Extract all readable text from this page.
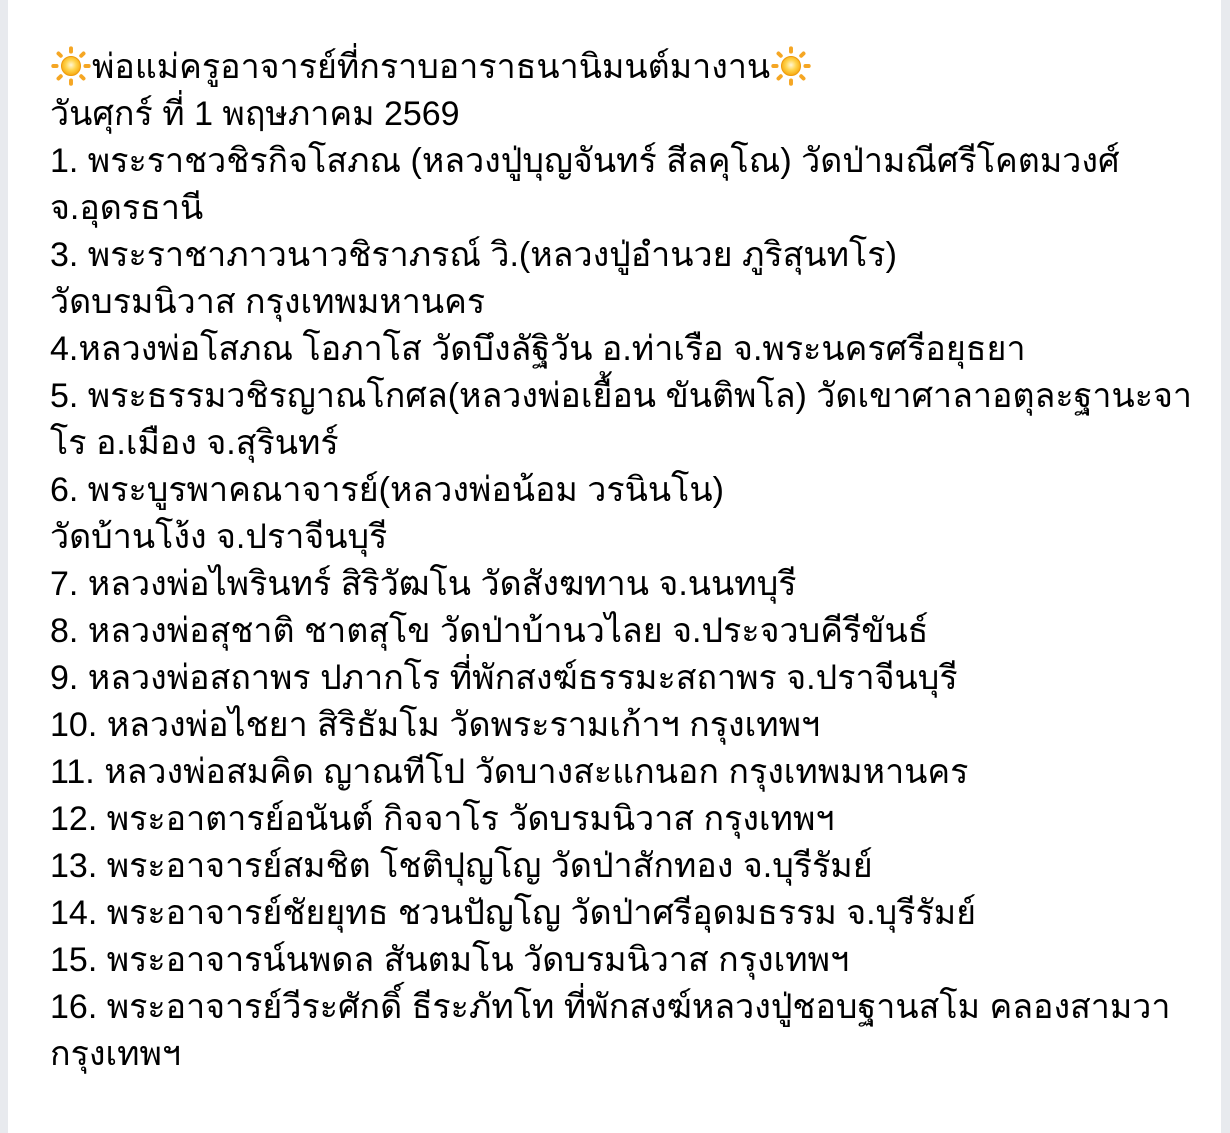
พ่อแม่ครูอาจารย์ที่กราบอาราธนานิมนต์มางาน
วันศุกร์ ที่ 1 พฤษภาคม 2569
1. พระราชวชิรกิจโสภณ (หลวงปู่บุญจันทร์ สีลคุโณ) วัดป่ามณีศรีโคตมวงศ์
จ.อุดรธานี
3. พระราชาภาวนาวชิราภรณ์ วิ.(หลวงปู่อำนวย ภูริสุนทโร)
วัดบรมนิวาส กรุงเทพมหานคร
4.หลวงพ่อโสภณ โอภาโส วัดบึงลัฐิวัน อ.ท่าเรือ จ.พระนครศรีอยุธยา
5. พระธรรมวชิรญาณโกศล(หลวงพ่อเยื้อน ขันติพโล) วัดเขาศาลาอตุละฐานะจา
โร อ.เมือง จ.สุรินทร์
6. พระบูรพาคณาจารย์(หลวงพ่อน้อม วรนินโน)
วัดบ้านโง้ง จ.ปราจีนบุรี
7. หลวงพ่อไพรินทร์ สิริวัฒโน วัดสังฆทาน จ.นนทบุรี
8. หลวงพ่อสุชาติ ชาตสุโข วัดป่าบ้านวไลย จ.ประจวบคีรีขันธ์
9. หลวงพ่อสถาพร ปภากโร ที่พักสงฆ์ธรรมะสถาพร จ.ปราจีนบุรี
10. หลวงพ่อไชยา สิริธัมโม วัดพระรามเก้าฯ กรุงเทพฯ
11. หลวงพ่อสมคิด ญาณทีโป วัดบางสะแกนอก กรุงเทพมหานคร
12. พระอาตารย์อนันต์ กิจจาโร วัดบรมนิวาส กรุงเทพฯ
13. พระอาจารย์สมชิต โชติปุญโญ วัดป่าสักทอง จ.บุรีรัมย์
14. พระอาจารย์ชัยยุทธ ชวนปัญโญ วัดป่าศรีอุดมธรรม จ.บุรีรัมย์
15. พระอาจารน์นพดล สันตมโน วัดบรมนิวาส กรุงเทพฯ
16. พระอาจารย์วีระศักดิ์ ธีระภัทโท ที่พักสงฆ์หลวงปู่ชอบฐานสโม คลองสามวา
กรุงเทพฯ
